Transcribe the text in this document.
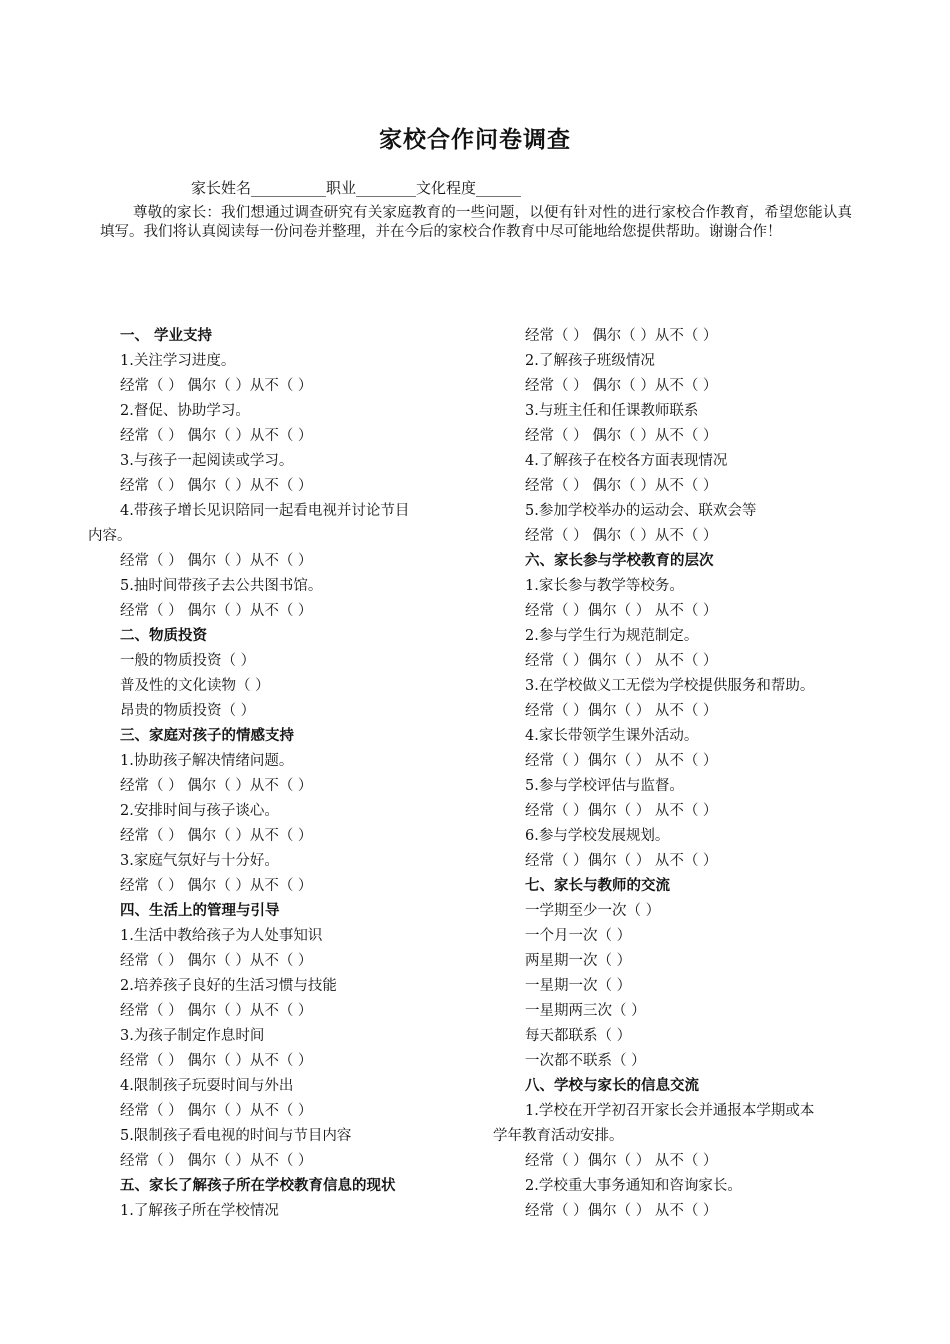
家校合作问卷调查
家长姓名__________职业________文化程度______
尊敬的家长：我们想通过调查研究有关家庭教育的一些问题，以便有针对性的进行家校合作教育，希望您能认真填写。我们将认真阅读每一份问卷并整理，并在今后的家校合作教育中尽可能地给您提供帮助。谢谢合作！
一、 学业支持
1.关注学习进度。
经常（ ） 偶尔（ ）从不（ ）
2.督促、协助学习。
经常（ ） 偶尔（ ）从不（ ）
3.与孩子一起阅读或学习。
经常（ ） 偶尔（ ）从不（ ）
4.带孩子增长见识陪同一起看电视并讨论节目
内容。
经常（ ） 偶尔（ ）从不（ ）
5.抽时间带孩子去公共图书馆。
经常（ ） 偶尔（ ）从不（ ）
二、物质投资
一般的物质投资（ ）
普及性的文化读物（ ）
昂贵的物质投资（ ）
三、家庭对孩子的情感支持
1.协助孩子解决情绪问题。
经常（ ） 偶尔（ ）从不（ ）
2.安排时间与孩子谈心。
经常（ ） 偶尔（ ）从不（ ）
3.家庭气氛好与十分好。
经常（ ） 偶尔（ ）从不（ ）
四、生活上的管理与引导
1.生活中教给孩子为人处事知识
经常（ ） 偶尔（ ）从不（ ）
2.培养孩子良好的生活习惯与技能
经常（ ） 偶尔（ ）从不（ ）
3.为孩子制定作息时间
经常（ ） 偶尔（ ）从不（ ）
4.限制孩子玩耍时间与外出
经常（ ） 偶尔（ ）从不（ ）
5.限制孩子看电视的时间与节目内容
经常（ ） 偶尔（ ）从不（ ）
五、家长了解孩子所在学校教育信息的现状
1.了解孩子所在学校情况
经常（ ） 偶尔（ ）从不（ ）
2.了解孩子班级情况
经常（ ） 偶尔（ ）从不（ ）
3.与班主任和任课教师联系
经常（ ） 偶尔（ ）从不（ ）
4.了解孩子在校各方面表现情况
经常（ ） 偶尔（ ）从不（ ）
5.参加学校举办的运动会、联欢会等
经常（ ） 偶尔（ ）从不（ ）
六、家长参与学校教育的层次
1.家长参与教学等校务。
经常（ ）偶尔（ ） 从不（ ）
2.参与学生行为规范制定。
经常（ ）偶尔（ ） 从不（ ）
3.在学校做义工无偿为学校提供服务和帮助。
经常（ ）偶尔（ ） 从不（ ）
4.家长带领学生课外活动。
经常（ ）偶尔（ ） 从不（ ）
5.参与学校评估与监督。
经常（ ）偶尔（ ） 从不（ ）
6.参与学校发展规划。
经常（ ）偶尔（ ） 从不（ ）
七、家长与教师的交流
一学期至少一次（ ）
一个月一次（ ）
两星期一次（ ）
一星期一次（ ）
一星期两三次（ ）
每天都联系（ ）
一次都不联系（ ）
八、学校与家长的信息交流
1.学校在开学初召开家长会并通报本学期或本
学年教育活动安排。
经常（ ）偶尔（ ） 从不（ ）
2.学校重大事务通知和咨询家长。
经常（ ）偶尔（ ） 从不（ ）
